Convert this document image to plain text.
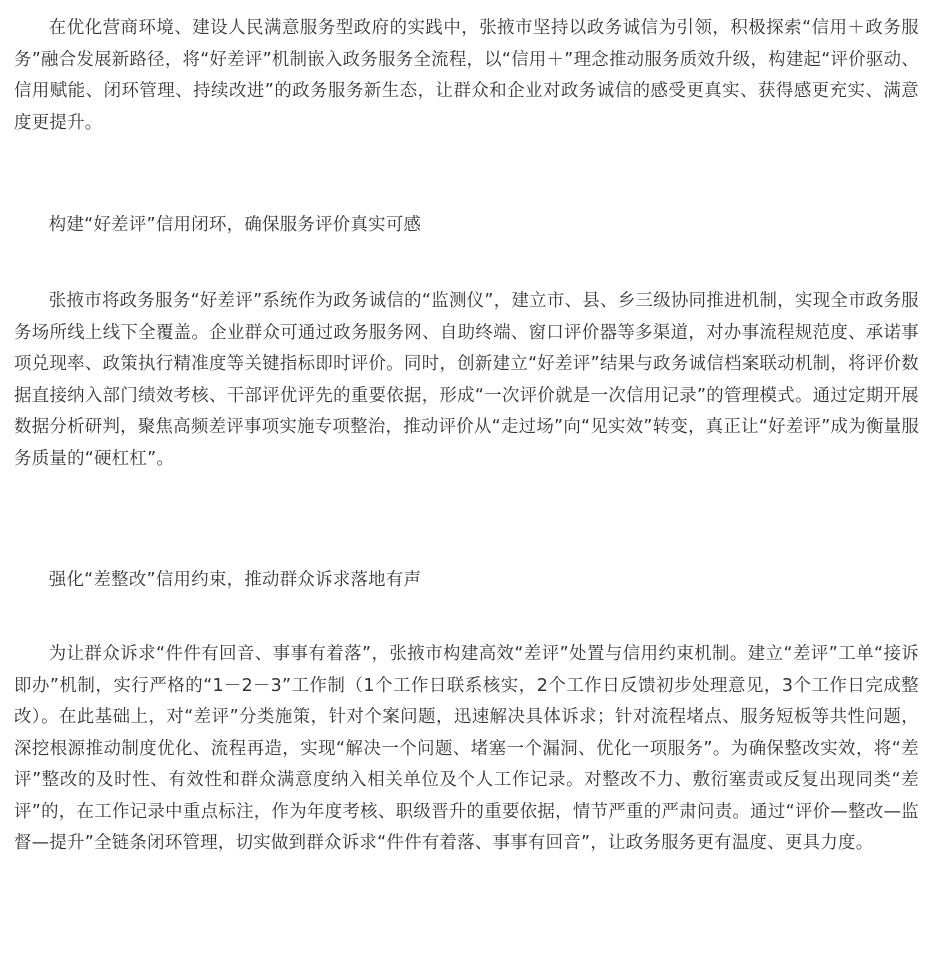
在优化营商环境、建设人民满意服务型政府的实践中，张掖市坚持以政务诚信为引领，积极探索“信用＋政务服务”融合发展新路径，将“好差评”机制嵌入政务服务全流程，以“信用＋”理念推动服务质效升级，构建起“评价驱动、信用赋能、闭环管理、持续改进”的政务服务新生态，让群众和企业对政务诚信的感受更真实、获得感更充实、满意度更提升。

构建“好差评”信用闭环，确保服务评价真实可感

张掖市将政务服务“好差评”系统作为政务诚信的“监测仪”，建立市、县、乡三级协同推进机制，实现全市政务服务场所线上线下全覆盖。企业群众可通过政务服务网、自助终端、窗口评价器等多渠道，对办事流程规范度、承诺事项兑现率、政策执行精准度等关键指标即时评价。同时，创新建立“好差评”结果与政务诚信档案联动机制，将评价数据直接纳入部门绩效考核、干部评优评先的重要依据，形成“一次评价就是一次信用记录”的管理模式。通过定期开展数据分析研判，聚焦高频差评事项实施专项整治，推动评价从“走过场”向“见实效”转变，真正让“好差评”成为衡量服务质量的“硬杠杠”。

强化“差整改”信用约束，推动群众诉求落地有声

为让群众诉求“件件有回音、事事有着落”，张掖市构建高效“差评”处置与信用约束机制。建立“差评”工单“接诉即办”机制，实行严格的“1－2－3”工作制（1个工作日联系核实，2个工作日反馈初步处理意见，3个工作日完成整改）。在此基础上，对“差评”分类施策，针对个案问题，迅速解决具体诉求；针对流程堵点、服务短板等共性问题，深挖根源推动制度优化、流程再造，实现“解决一个问题、堵塞一个漏洞、优化一项服务”。为确保整改实效，将“差评”整改的及时性、有效性和群众满意度纳入相关单位及个人工作记录。对整改不力、敷衍塞责或反复出现同类“差评”的，在工作记录中重点标注，作为年度考核、职级晋升的重要依据，情节严重的严肃问责。通过“评价—整改—监督—提升”全链条闭环管理，切实做到群众诉求“件件有着落、事事有回音”，让政务服务更有温度、更具力度。
